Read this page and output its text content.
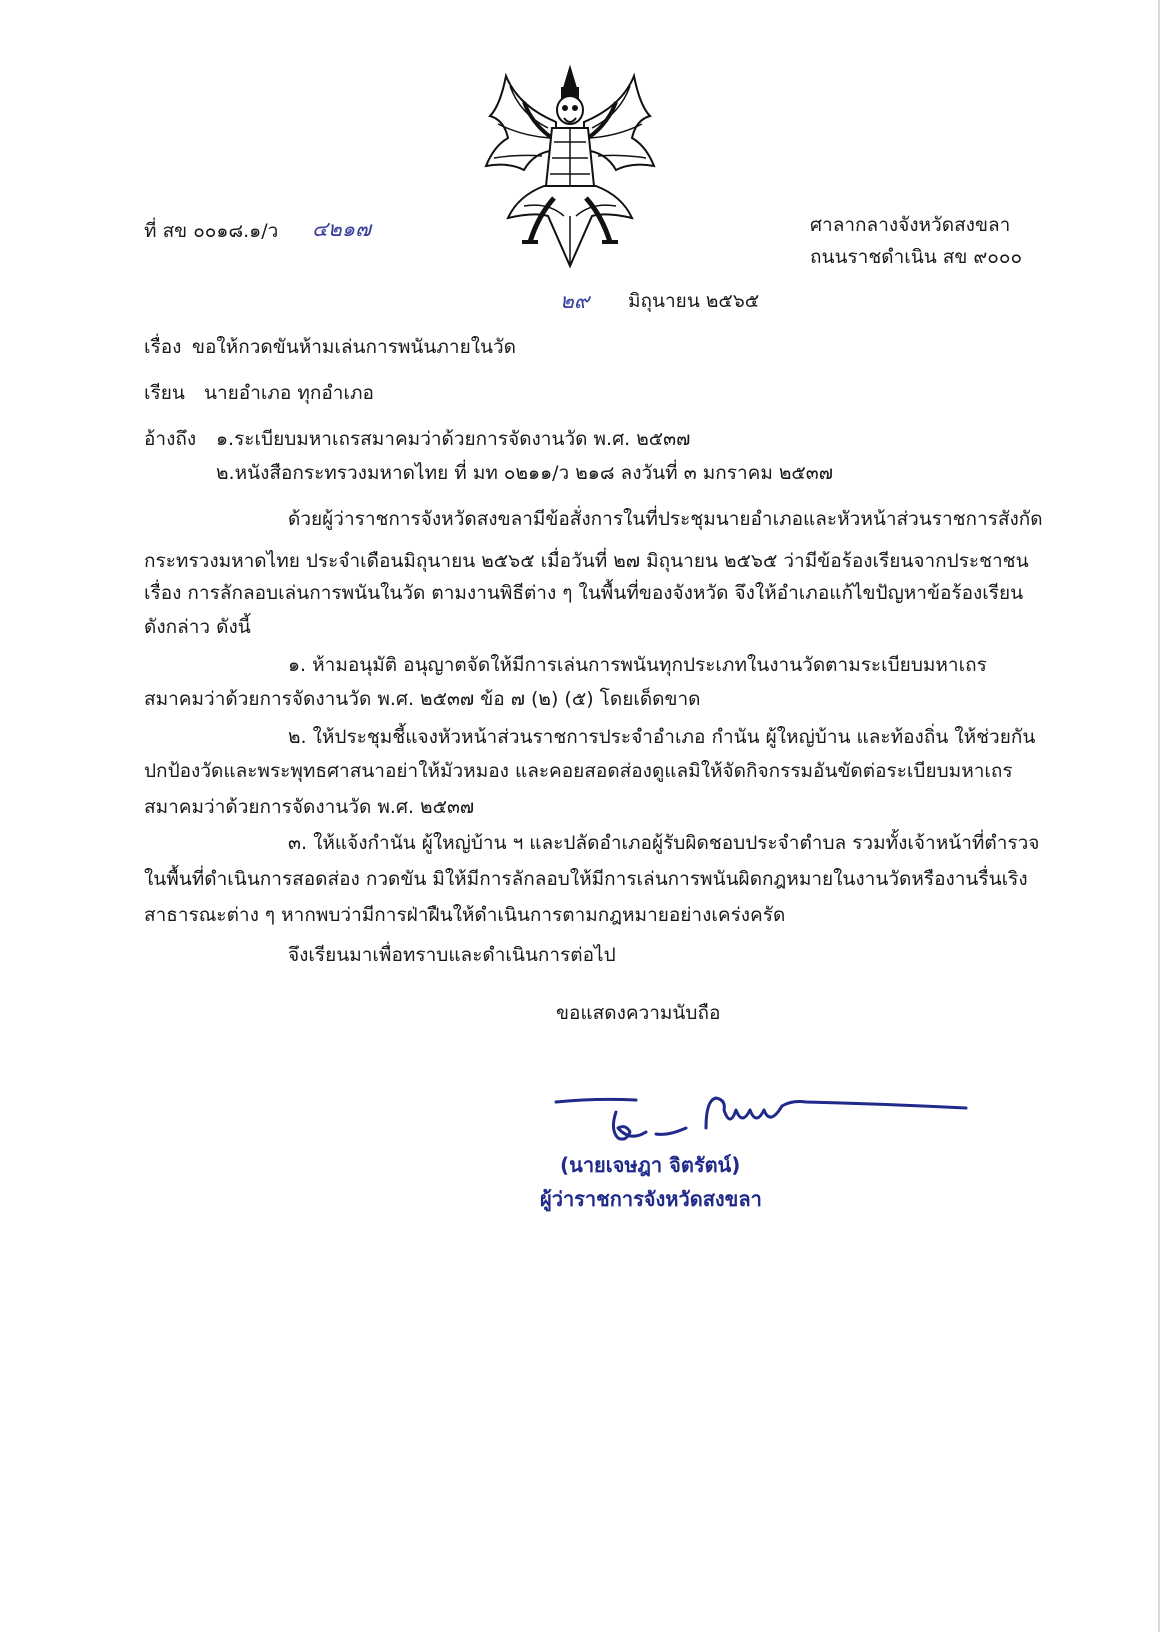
ที่ สข ๐๐๑๘.๑/ว ๔๒๑๗	ศาลากลางจังหวัดสงขลา
ถนนราชดำเนิน สข ๙๐๐๐
๒๙ มิถุนายน ๒๕๖๕
เรื่อง ขอให้กวดขันห้ามเล่นการพนันภายในวัด
เรียน นายอำเภอ ทุกอำเภอ
อ้างถึง ๑.ระเบียบมหาเถรสมาคมว่าด้วยการจัดงานวัด พ.ศ. ๒๕๓๗
๒.หนังสือกระทรวงมหาดไทย ที่ มท ๐๒๑๑/ว ๒๑๘ ลงวันที่ ๓ มกราคม ๒๕๓๗
ด้วยผู้ว่าราชการจังหวัดสงขลามีข้อสั่งการในที่ประชุมนายอำเภอและหัวหน้าส่วนราชการสังกัด
กระทรวงมหาดไทย ประจำเดือนมิถุนายน ๒๕๖๕ เมื่อวันที่ ๒๗ มิถุนายน ๒๕๖๕ ว่ามีข้อร้องเรียนจากประชาชน
เรื่อง การลักลอบเล่นการพนันในวัด ตามงานพิธีต่าง ๆ ในพื้นที่ของจังหวัด จึงให้อำเภอแก้ไขปัญหาข้อร้องเรียน
ดังกล่าว ดังนี้
๑. ห้ามอนุมัติ อนุญาตจัดให้มีการเล่นการพนันทุกประเภทในงานวัดตามระเบียบมหาเถร
สมาคมว่าด้วยการจัดงานวัด พ.ศ. ๒๕๓๗ ข้อ ๗ (๒) (๕) โดยเด็ดขาด
๒. ให้ประชุมชี้แจงหัวหน้าส่วนราชการประจำอำเภอ กำนัน ผู้ใหญ่บ้าน และท้องถิ่น ให้ช่วยกัน
ปกป้องวัดและพระพุทธศาสนาอย่าให้มัวหมอง และคอยสอดส่องดูแลมิให้จัดกิจกรรมอันขัดต่อระเบียบมหาเถร
สมาคมว่าด้วยการจัดงานวัด พ.ศ. ๒๕๓๗
๓. ให้แจ้งกำนัน ผู้ใหญ่บ้าน ฯ และปลัดอำเภอผู้รับผิดชอบประจำตำบล รวมทั้งเจ้าหน้าที่ตำรวจ
ในพื้นที่ดำเนินการสอดส่อง กวดขัน มิให้มีการลักลอบให้มีการเล่นการพนันผิดกฎหมายในงานวัดหรืองานรื่นเริง
สาธารณะต่าง ๆ หากพบว่ามีการฝ่าฝืนให้ดำเนินการตามกฎหมายอย่างเคร่งครัด
จึงเรียนมาเพื่อทราบและดำเนินการต่อไป
ขอแสดงความนับถือ
(นายเจษฎา จิตรัตน์)
ผู้ว่าราชการจังหวัดสงขลา
